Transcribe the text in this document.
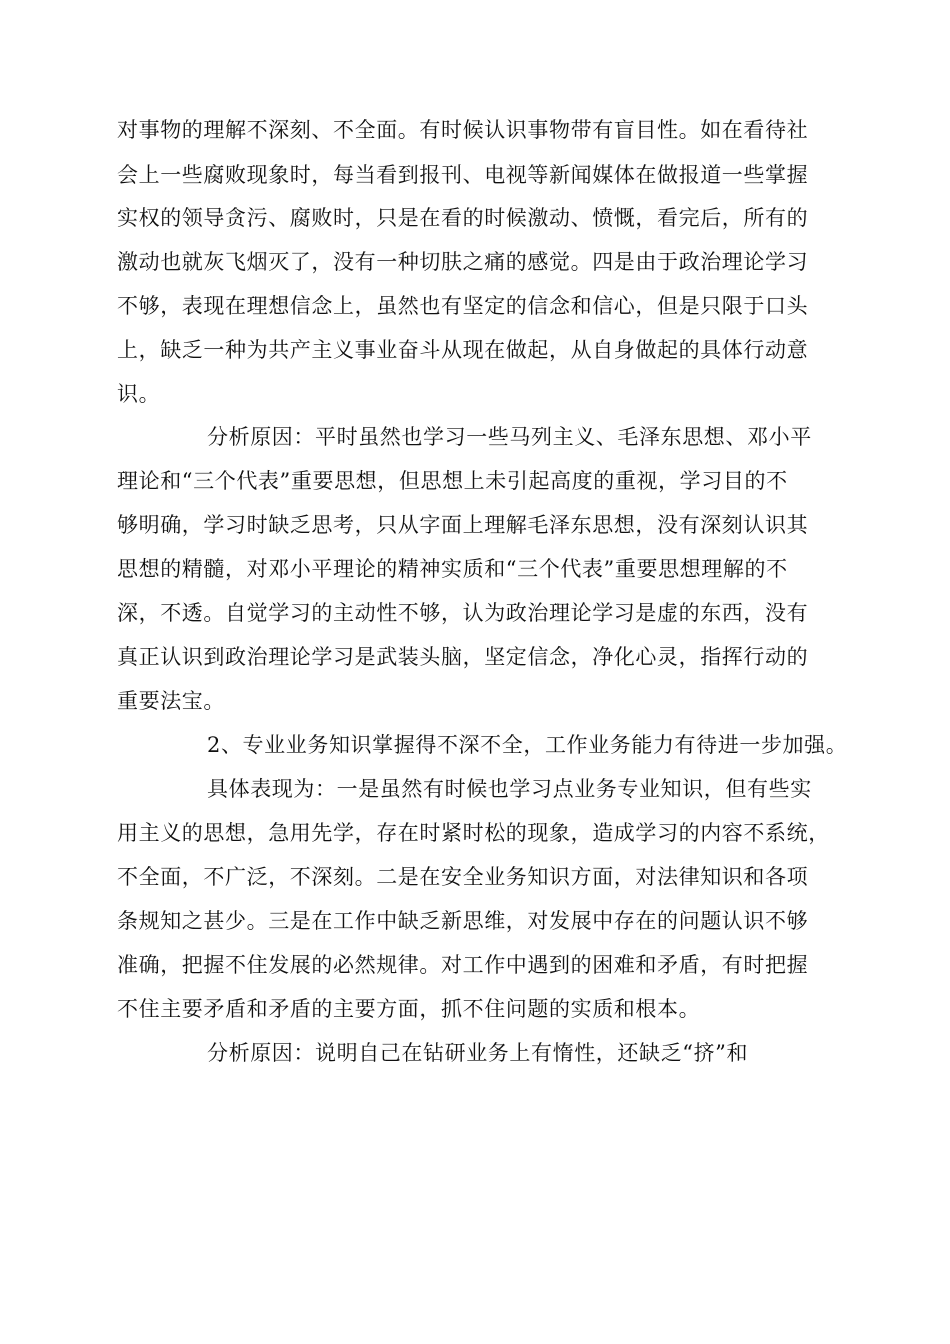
对事物的理解不深刻、不全面。有时候认识事物带有盲目性。如在看待社
会上一些腐败现象时，每当看到报刊、电视等新闻媒体在做报道一些掌握
实权的领导贪污、腐败时，只是在看的时候激动、愤慨，看完后，所有的
激动也就灰飞烟灭了，没有一种切肤之痛的感觉。四是由于政治理论学习
不够，表现在理想信念上，虽然也有坚定的信念和信心，但是只限于口头
上，缺乏一种为共产主义事业奋斗从现在做起，从自身做起的具体行动意
识。
分析原因：平时虽然也学习一些马列主义、毛泽东思想、邓小平
理论和“三个代表”重要思想，但思想上未引起高度的重视，学习目的不
够明确，学习时缺乏思考，只从字面上理解毛泽东思想，没有深刻认识其
思想的精髓，对邓小平理论的精神实质和“三个代表”重要思想理解的不
深，不透。自觉学习的主动性不够，认为政治理论学习是虚的东西，没有
真正认识到政治理论学习是武装头脑，坚定信念，净化心灵，指挥行动的
重要法宝。
2、专业业务知识掌握得不深不全，工作业务能力有待进一步加强。
具体表现为：一是虽然有时候也学习点业务专业知识，但有些实
用主义的思想，急用先学，存在时紧时松的现象，造成学习的内容不系统，
不全面，不广泛，不深刻。二是在安全业务知识方面，对法律知识和各项
条规知之甚少。三是在工作中缺乏新思维，对发展中存在的问题认识不够
准确，把握不住发展的必然规律。对工作中遇到的困难和矛盾，有时把握
不住主要矛盾和矛盾的主要方面，抓不住问题的实质和根本。
分析原因：说明自己在钻研业务上有惰性，还缺乏“挤”和
